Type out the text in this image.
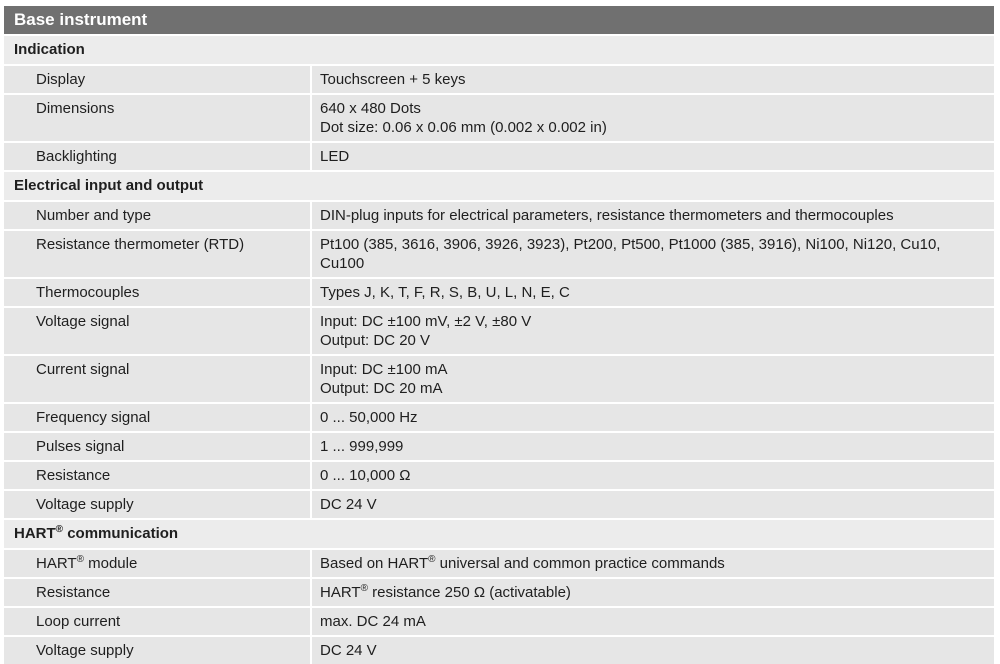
Base instrument
Indication
Display	Touchscreen + 5 keys
Dimensions	640 x 480 Dots
Dot size: 0.06 x 0.06 mm (0.002 x 0.002 in)
Backlighting	LED
Electrical input and output
Number and type	DIN-plug inputs for electrical parameters, resistance thermometers and thermocouples
Resistance thermometer (RTD)	Pt100 (385, 3616, 3906, 3926, 3923), Pt200, Pt500, Pt1000 (385, 3916), Ni100, Ni120, Cu10,
Cu100
Thermocouples	Types J, K, T, F, R, S, B, U, L, N, E, C
Voltage signal	Input: DC ±100 mV, ±2 V, ±80 V
Output: DC 20 V
Current signal	Input: DC ±100 mA
Output: DC 20 mA
Frequency signal	0 ... 50,000 Hz
Pulses signal	1 ... 999,999
Resistance	0 ... 10,000 Ω
Voltage supply	DC 24 V
HART® communication
HART® module	Based on HART® universal and common practice commands
Resistance	HART® resistance 250 Ω (activatable)
Loop current	max. DC 24 mA
Voltage supply	DC 24 V
